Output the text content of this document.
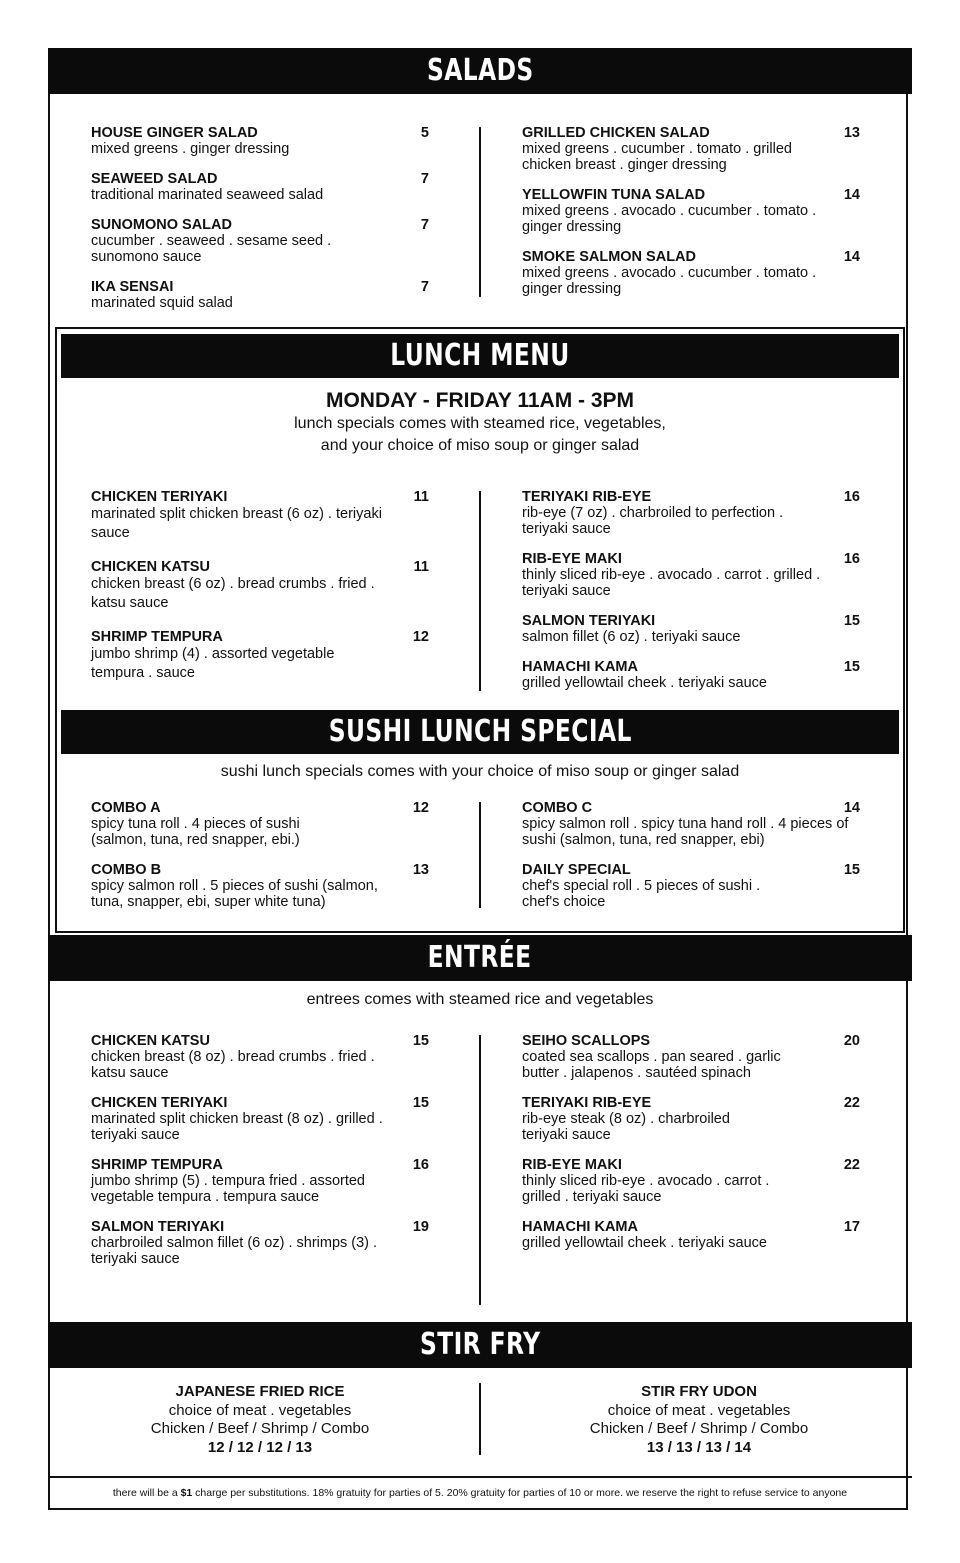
SALADS
HOUSE GINGER SALAD
mixed greens . ginger dressing
5
SEAWEED SALAD
traditional marinated seaweed salad
7
SUNOMONO SALAD
cucumber . seaweed . sesame seed . sunomono sauce
7
IKA SENSAI
marinated squid salad
7
GRILLED CHICKEN SALAD
mixed greens . cucumber . tomato . grilled chicken breast . ginger dressing
13
YELLOWFIN TUNA SALAD
mixed greens . avocado . cucumber . tomato . ginger dressing
14
SMOKE SALMON SALAD
mixed greens . avocado . cucumber . tomato . ginger dressing
14
LUNCH MENU
MONDAY - FRIDAY 11AM - 3PM
lunch specials comes with steamed rice, vegetables,
and your choice of miso soup or ginger salad
CHICKEN TERIYAKI
marinated split chicken breast (6 oz) . teriyaki sauce
11
CHICKEN KATSU
chicken breast (6 oz) . bread crumbs . fried . katsu sauce
11
SHRIMP TEMPURA
jumbo shrimp (4) . assorted vegetable tempura . sauce
12
TERIYAKI RIB-EYE
rib-eye (7 oz) . charbroiled to perfection . teriyaki sauce
16
RIB-EYE MAKI
thinly sliced rib-eye . avocado . carrot . grilled . teriyaki sauce
16
SALMON TERIYAKI
salmon fillet (6 oz) . teriyaki sauce
15
HAMACHI KAMA
grilled yellowtail cheek . teriyaki sauce
15
SUSHI LUNCH SPECIAL
sushi lunch specials comes with your choice of miso soup or ginger salad
COMBO A
spicy tuna roll . 4 pieces of sushi (salmon, tuna, red snapper, ebi.)
12
COMBO B
spicy salmon roll . 5 pieces of sushi (salmon, tuna, snapper, ebi, super white tuna)
13
COMBO C
spicy salmon roll . spicy tuna hand roll . 4 pieces of sushi (salmon, tuna, red snapper, ebi)
14
DAILY SPECIAL
chef's special roll . 5 pieces of sushi . chef's choice
15
ENTRÉE
entrees comes with steamed rice and vegetables
CHICKEN KATSU
chicken breast (8 oz) . bread crumbs . fried . katsu sauce
15
CHICKEN TERIYAKI
marinated split chicken breast (8 oz) . grilled . teriyaki sauce
15
SHRIMP TEMPURA
jumbo shrimp (5) . tempura fried . assorted vegetable tempura . tempura sauce
16
SALMON TERIYAKI
charbroiled salmon fillet (6 oz) . shrimps (3) . teriyaki sauce
19
SEIHO SCALLOPS
coated sea scallops . pan seared . garlic butter . jalapenos . sautéed spinach
20
TERIYAKI RIB-EYE
rib-eye steak (8 oz) . charbroiled teriyaki sauce
22
RIB-EYE MAKI
thinly sliced rib-eye . avocado . carrot . grilled . teriyaki sauce
22
HAMACHI KAMA
grilled yellowtail cheek . teriyaki sauce
17
STIR FRY
JAPANESE FRIED RICE
choice of meat . vegetables
Chicken / Beef / Shrimp / Combo
12 / 12 / 12 / 13
STIR FRY UDON
choice of meat . vegetables
Chicken / Beef / Shrimp / Combo
13 / 13 / 13 / 14
there will be a $1 charge per substitutions. 18% gratuity for parties of 5. 20% gratuity for parties of 10 or more. we reserve the right to refuse service to anyone
